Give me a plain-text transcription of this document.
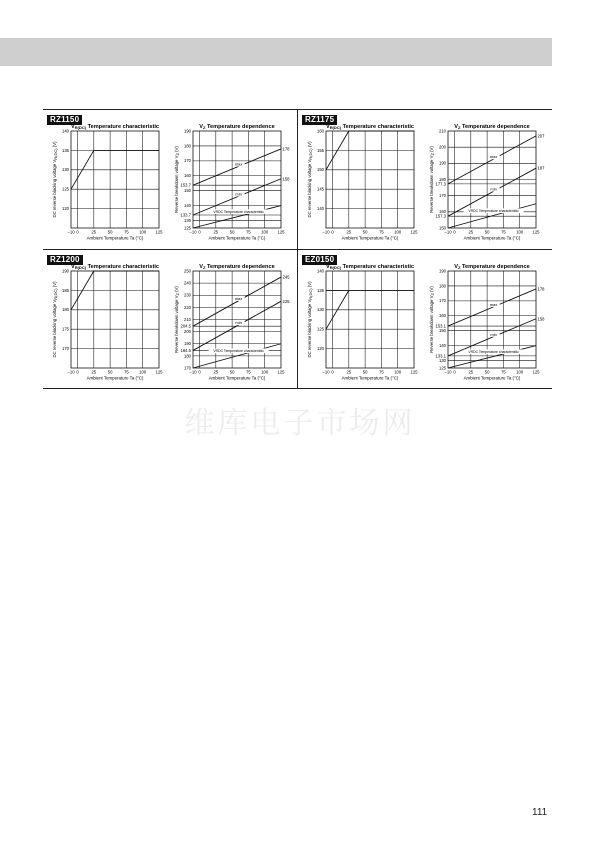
RZ1150
VR(DC) Temperature characteristic
−10 0	25	50	75 100 125
120
125
130
135
140
Ambient Temperature Ta (°C)
DC reverse blocking voltage VR(DC) (V)
VZ Temperature dependence
−10 0	25	50	75 100 125
125
130
133.7
140
150
153.7
160
170
180
190
Ambient Temperature Ta (°C)
Reverse breakdown voltage VZ (V)
max
min
VRDC Temperature characteristic
178
158
RZ1175
VR(DC) Temperature characteristic
−10 0	25	50	75 100 125
140
145
150
155
160
Ambient Temperature Ta (°C)
DC reverse blocking voltage VR(DC) (V)
VZ Temperature dependence
−10 0	25	50	75 100 125
150
157.3
160
170
177.3
180
190
200
210
Ambient Temperature Ta (°C)
Reverse breakdown voltage VZ (V)
max
min
VRDC Temperature characteristic
207
187
RZ1200
VR(DC) Temperature characteristic
−10 0	25	50	75 100 125
170
175
180
185
190
Ambient Temperature Ta (°C)
DC reverse blocking voltage VR(DC) (V)
VZ Temperature dependence
−10 0	25	50	75 100 125
170
180
184.5
190
200
204.5
210
220
230
240
250
Ambient Temperature Ta (°C)
Reverse breakdown voltage VZ (V)
max
min
VRDC Temperature characteristic
245
225
EZ0150
VR(DC) Temperature characteristic
−10 0	25	50	75 100 125
120
125
130
135
140
Ambient Temperature Ta (°C)
DC reverse blocking voltage VR(DC) (V)
VZ Temperature dependence
−10 0	25	50	75 100 125
125
130
133.1
140
150
153.1
160
170
180
190
Ambient Temperature Ta (°C)
Reverse breakdown voltage VZ (V)
max
min
VRDC Temperature characteristic
178
158
维库电子市场网
111
